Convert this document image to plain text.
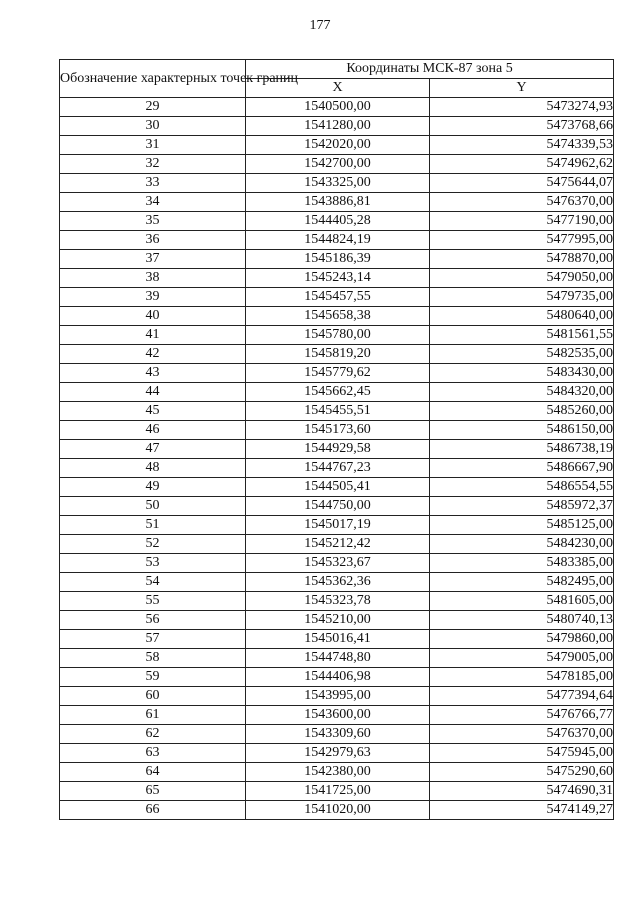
177
Обозначение характерных точек границ	Координаты МСК-87 зона 5	
	X	Y
29	1540500,00	5473274,93
30	1541280,00	5473768,66
31	1542020,00	5474339,53
32	1542700,00	5474962,62
33	1543325,00	5475644,07
34	1543886,81	5476370,00
35	1544405,28	5477190,00
36	1544824,19	5477995,00
37	1545186,39	5478870,00
38	1545243,14	5479050,00
39	1545457,55	5479735,00
40	1545658,38	5480640,00
41	1545780,00	5481561,55
42	1545819,20	5482535,00
43	1545779,62	5483430,00
44	1545662,45	5484320,00
45	1545455,51	5485260,00
46	1545173,60	5486150,00
47	1544929,58	5486738,19
48	1544767,23	5486667,90
49	1544505,41	5486554,55
50	1544750,00	5485972,37
51	1545017,19	5485125,00
52	1545212,42	5484230,00
53	1545323,67	5483385,00
54	1545362,36	5482495,00
55	1545323,78	5481605,00
56	1545210,00	5480740,13
57	1545016,41	5479860,00
58	1544748,80	5479005,00
59	1544406,98	5478185,00
60	1543995,00	5477394,64
61	1543600,00	5476766,77
62	1543309,60	5476370,00
63	1542979,63	5475945,00
64	1542380,00	5475290,60
65	1541725,00	5474690,31
66	1541020,00	5474149,27
